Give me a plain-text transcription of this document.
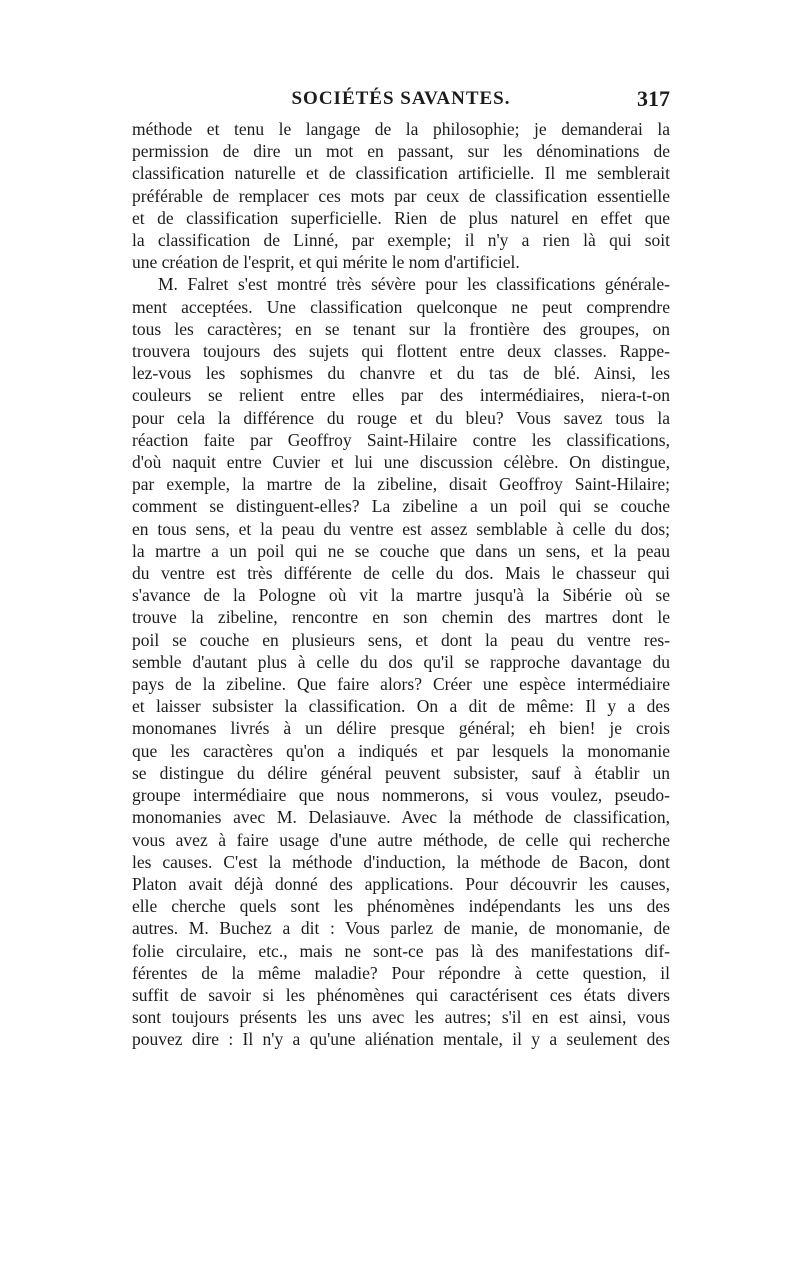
SOCIÉTÉS SAVANTES.	317
méthode et tenu le langage de la philosophie; je demanderai la
permission de dire un mot en passant, sur les dénominations de
classification naturelle et de classification artificielle. Il me semblerait
préférable de remplacer ces mots par ceux de classification essentielle
et de classification superficielle. Rien de plus naturel en effet que
la classification de Linné, par exemple; il n'y a rien là qui soit
une création de l'esprit, et qui mérite le nom d'artificiel.
M. Falret s'est montré très sévère pour les classifications générale-
ment acceptées. Une classification quelconque ne peut comprendre
tous les caractères; en se tenant sur la frontière des groupes, on
trouvera toujours des sujets qui flottent entre deux classes. Rappe-
lez-vous les sophismes du chanvre et du tas de blé. Ainsi, les
couleurs se relient entre elles par des intermédiaires, niera-t-on
pour cela la différence du rouge et du bleu? Vous savez tous la
réaction faite par Geoffroy Saint-Hilaire contre les classifications,
d'où naquit entre Cuvier et lui une discussion célèbre. On distingue,
par exemple, la martre de la zibeline, disait Geoffroy Saint-Hilaire;
comment se distinguent-elles? La zibeline a un poil qui se couche
en tous sens, et la peau du ventre est assez semblable à celle du dos;
la martre a un poil qui ne se couche que dans un sens, et la peau
du ventre est très différente de celle du dos. Mais le chasseur qui
s'avance de la Pologne où vit la martre jusqu'à la Sibérie où se
trouve la zibeline, rencontre en son chemin des martres dont le
poil se couche en plusieurs sens, et dont la peau du ventre res-
semble d'autant plus à celle du dos qu'il se rapproche davantage du
pays de la zibeline. Que faire alors? Créer une espèce intermédiaire
et laisser subsister la classification. On a dit de même: Il y a des
monomanes livrés à un délire presque général; eh bien! je crois
que les caractères qu'on a indiqués et par lesquels la monomanie
se distingue du délire général peuvent subsister, sauf à établir un
groupe intermédiaire que nous nommerons, si vous voulez, pseudo-
monomanies avec M. Delasiauve. Avec la méthode de classification,
vous avez à faire usage d'une autre méthode, de celle qui recherche
les causes. C'est la méthode d'induction, la méthode de Bacon, dont
Platon avait déjà donné des applications. Pour découvrir les causes,
elle cherche quels sont les phénomènes indépendants les uns des
autres. M. Buchez a dit : Vous parlez de manie, de monomanie, de
folie circulaire, etc., mais ne sont-ce pas là des manifestations dif-
férentes de la même maladie? Pour répondre à cette question, il
suffit de savoir si les phénomènes qui caractérisent ces états divers
sont toujours présents les uns avec les autres; s'il en est ainsi, vous
pouvez dire : Il n'y a qu'une aliénation mentale, il y a seulement des
